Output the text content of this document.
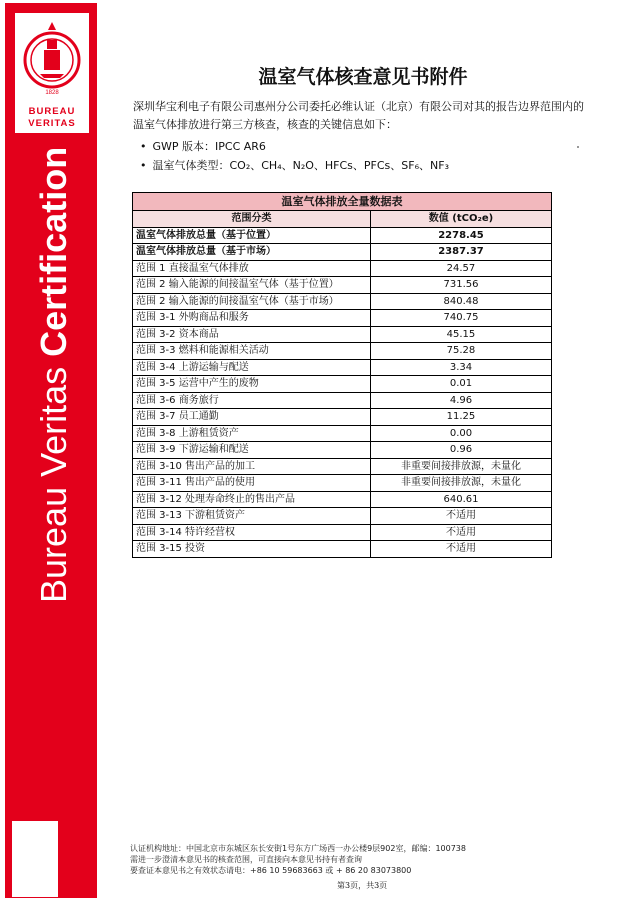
1828
BUREAU
VERITAS
Bureau Veritas Certification
温室气体核查意见书附件
深圳华宝利电子有限公司惠州分公司委托必维认证（北京）有限公司对其的报告边界范围内的温室气体排放进行第三方核查，核查的关键信息如下：
• GWP 版本：IPCC AR6
• 温室气体类型：CO₂、CH₄、N₂O、HFCs、PFCs、SF₆、NF₃
温室气体排放全量数据表	
范围分类	数值 (tCO₂e)
温室气体排放总量（基于位置）	2278.45
温室气体排放总量（基于市场）	2387.37
范围 1 直接温室气体排放	24.57
范围 2 输入能源的间接温室气体（基于位置）	731.56
范围 2 输入能源的间接温室气体（基于市场）	840.48
范围 3-1 外购商品和服务	740.75
范围 3-2 资本商品	45.15
范围 3-3 燃料和能源相关活动	75.28
范围 3-4 上游运输与配送	3.34
范围 3-5 运营中产生的废物	0.01
范围 3-6 商务旅行	4.96
范围 3-7 员工通勤	11.25
范围 3-8 上游租赁资产	0.00
范围 3-9 下游运输和配送	0.96
范围 3-10 售出产品的加工	非重要间接排放源，未量化
范围 3-11 售出产品的使用	非重要间接排放源，未量化
范围 3-12 处理寿命终止的售出产品	640.61
范围 3-13 下游租赁资产	不适用
范围 3-14 特许经营权	不适用
范围 3-15 投资	不适用
认证机构地址：中国北京市东城区东长安街1号东方广场西一办公楼9层902室，邮编：100738
需进一步澄清本意见书的核查范围，可直接向本意见书持有者查询
要查证本意见书之有效状态请电：+86 10 59683663 或 + 86 20 83073800
第3页，共3页
